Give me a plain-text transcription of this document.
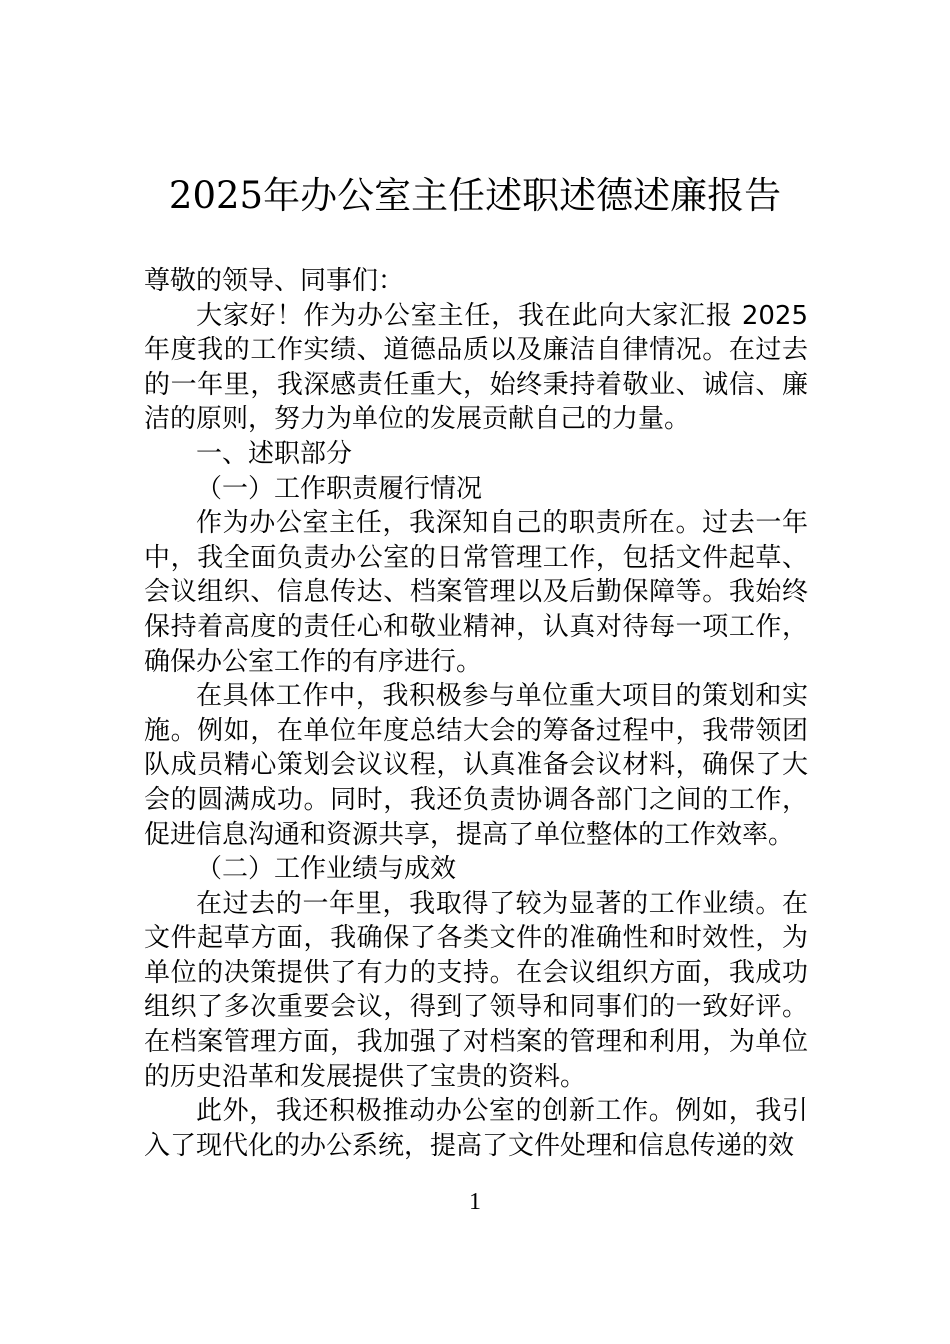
2025年办公室主任述职述德述廉报告

尊敬的领导、同事们：

大家好！作为办公室主任，我在此向大家汇报 2025 年度我的工作实绩、道德品质以及廉洁自律情况。在过去的一年里，我深感责任重大，始终秉持着敬业、诚信、廉洁的原则，努力为单位的发展贡献自己的力量。

一、述职部分

（一）工作职责履行情况

作为办公室主任，我深知自己的职责所在。过去一年中，我全面负责办公室的日常管理工作，包括文件起草、会议组织、信息传达、档案管理以及后勤保障等。我始终保持着高度的责任心和敬业精神，认真对待每一项工作，确保办公室工作的有序进行。

在具体工作中，我积极参与单位重大项目的策划和实施。例如，在单位年度总结大会的筹备过程中，我带领团队成员精心策划会议议程，认真准备会议材料，确保了大会的圆满成功。同时，我还负责协调各部门之间的工作，促进信息沟通和资源共享，提高了单位整体的工作效率。

（二）工作业绩与成效

在过去的一年里，我取得了较为显著的工作业绩。在文件起草方面，我确保了各类文件的准确性和时效性，为单位的决策提供了有力的支持。在会议组织方面，我成功组织了多次重要会议，得到了领导和同事们的一致好评。在档案管理方面，我加强了对档案的管理和利用，为单位的历史沿革和发展提供了宝贵的资料。

此外，我还积极推动办公室的创新工作。例如，我引入了现代化的办公系统，提高了文件处理和信息传递的效

1
